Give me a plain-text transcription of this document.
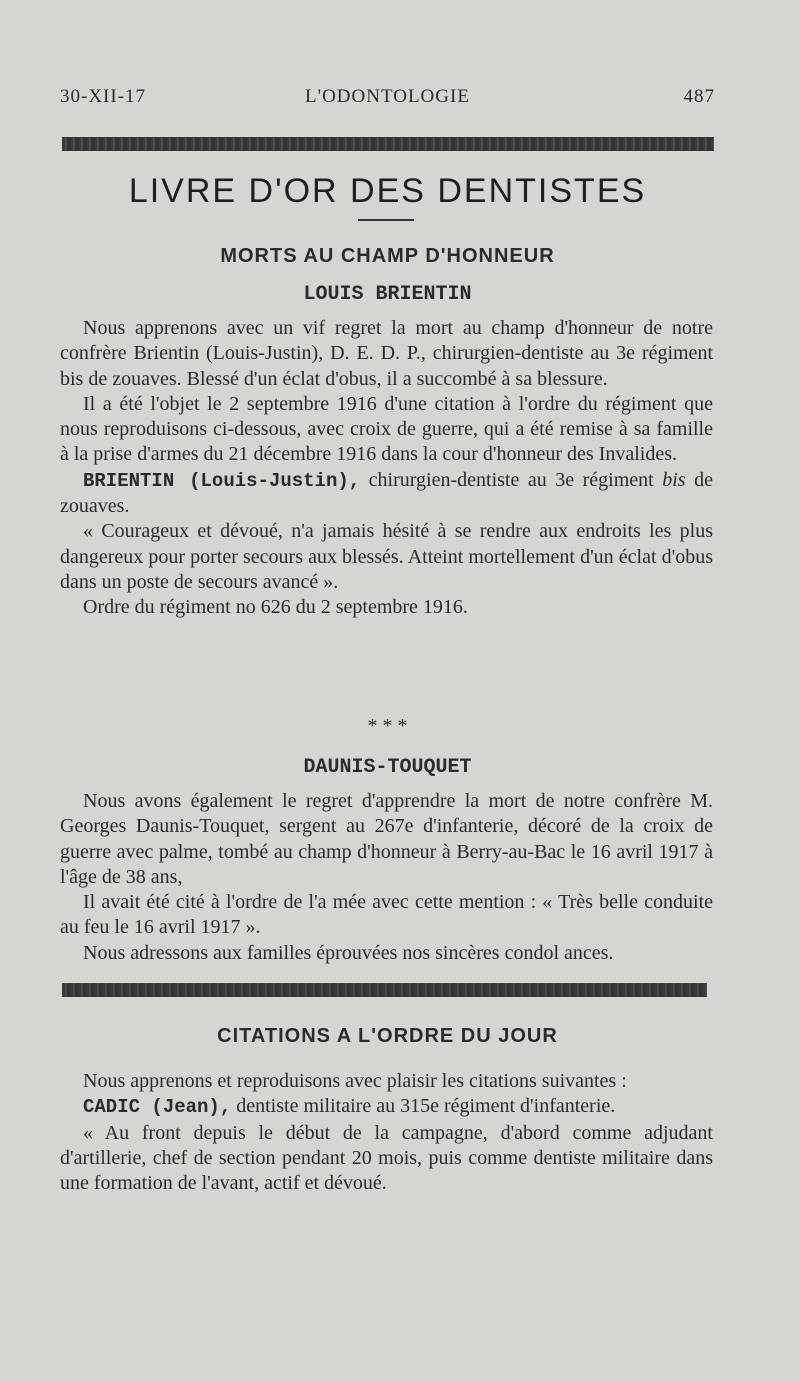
30-XII-17	L'ODONTOLOGIE	487
LIVRE D'OR DES DENTISTES
MORTS AU CHAMP D'HONNEUR
LOUIS BRIENTIN

Nous apprenons avec un vif regret la mort au champ d'honneur de notre confrère Brientin (Louis-Justin), D. E. D. P., chirurgien-dentiste au 3e régiment bis de zouaves. Blessé d'un éclat d'obus, il a succombé à sa blessure.

Il a été l'objet le 2 septembre 1916 d'une citation à l'ordre du régiment que nous reproduisons ci-dessous, avec croix de guerre, qui a été remise à sa famille à la prise d'armes du 21 décembre 1916 dans la cour d'honneur des Invalides.

BRIENTIN (Louis-Justin), chirurgien-dentiste au 3e régiment bis de zouaves.

« Courageux et dévoué, n'a jamais hésité à se rendre aux endroits les plus dangereux pour porter secours aux blessés. Atteint mortellement d'un éclat d'obus dans un poste de secours avancé ».

Ordre du régiment no 626 du 2 septembre 1916.

* * *
DAUNIS-TOUQUET

Nous avons également le regret d'apprendre la mort de notre confrère M. Georges Daunis-Touquet, sergent au 267e d'infanterie, décoré de la croix de guerre avec palme, tombé au champ d'honneur à Berry-au-Bac le 16 avril 1917 à l'âge de 38 ans,

Il avait été cité à l'ordre de l'a mée avec cette mention : « Très belle conduite au feu le 16 avril 1917 ».

Nous adressons aux familles éprouvées nos sincères condol ances.

CITATIONS A L'ORDRE DU JOUR

Nous apprenons et reproduisons avec plaisir les citations suivantes :

CADIC (Jean), dentiste militaire au 315e régiment d'infanterie.

« Au front depuis le début de la campagne, d'abord comme adjudant d'artillerie, chef de section pendant 20 mois, puis comme dentiste militaire dans une formation de l'avant, actif et dévoué.
